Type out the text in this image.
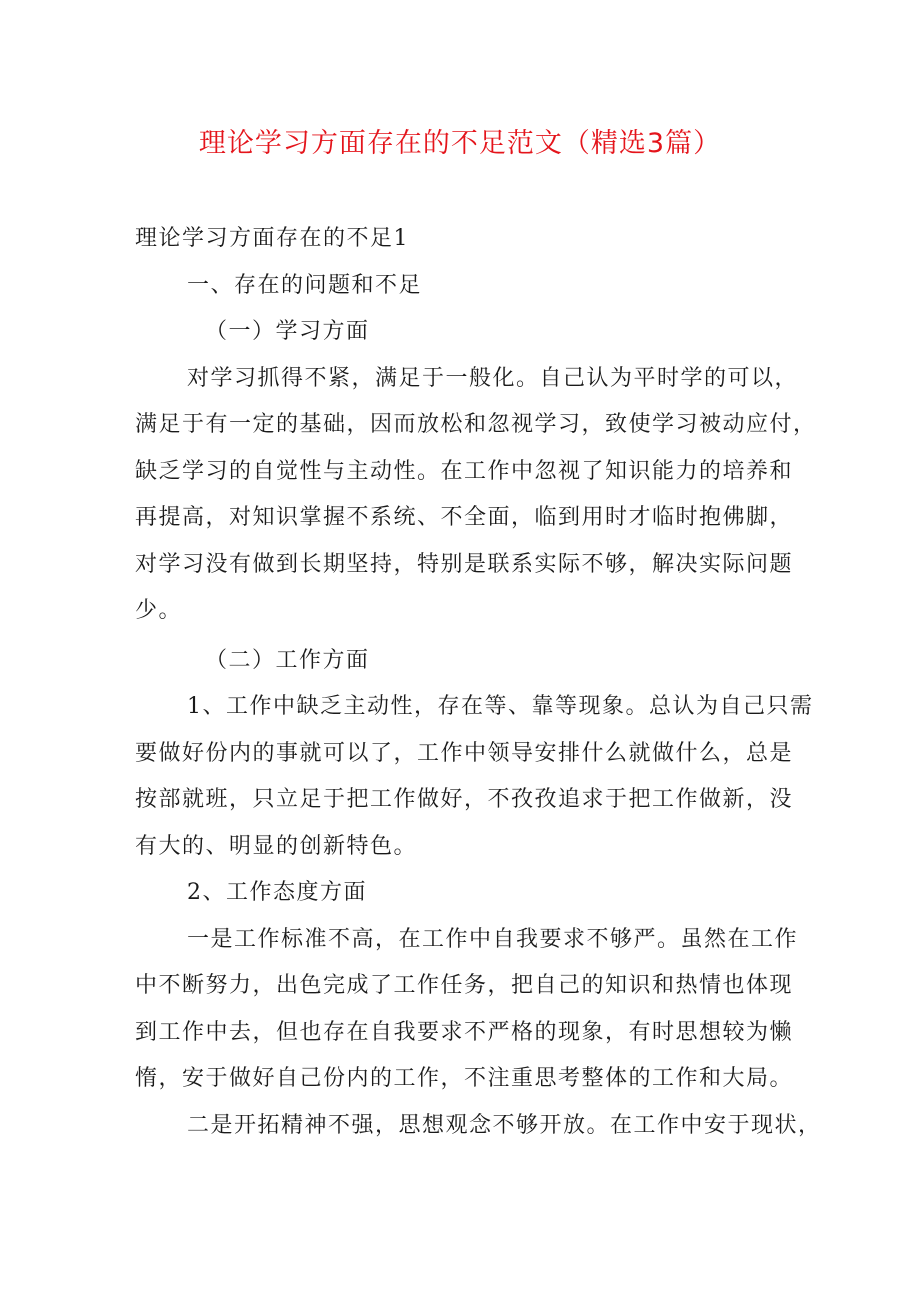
理论学习方面存在的不足范文（精选3篇）
理论学习方面存在的不足1
一、存在的问题和不足
（一）学习方面
对学习抓得不紧，满足于一般化。自己认为平时学的可以，
满足于有一定的基础，因而放松和忽视学习，致使学习被动应付，
缺乏学习的自觉性与主动性。在工作中忽视了知识能力的培养和
再提高，对知识掌握不系统、不全面，临到用时才临时抱佛脚，
对学习没有做到长期坚持，特别是联系实际不够，解决实际问题
少。
（二）工作方面
1、工作中缺乏主动性，存在等、靠等现象。总认为自己只需
要做好份内的事就可以了，工作中领导安排什么就做什么，总是
按部就班，只立足于把工作做好，不孜孜追求于把工作做新，没
有大的、明显的创新特色。
2、工作态度方面
一是工作标准不高，在工作中自我要求不够严。虽然在工作
中不断努力，出色完成了工作任务，把自己的知识和热情也体现
到工作中去，但也存在自我要求不严格的现象，有时思想较为懒
惰，安于做好自己份内的工作，不注重思考整体的工作和大局。
二是开拓精神不强，思想观念不够开放。在工作中安于现状，
